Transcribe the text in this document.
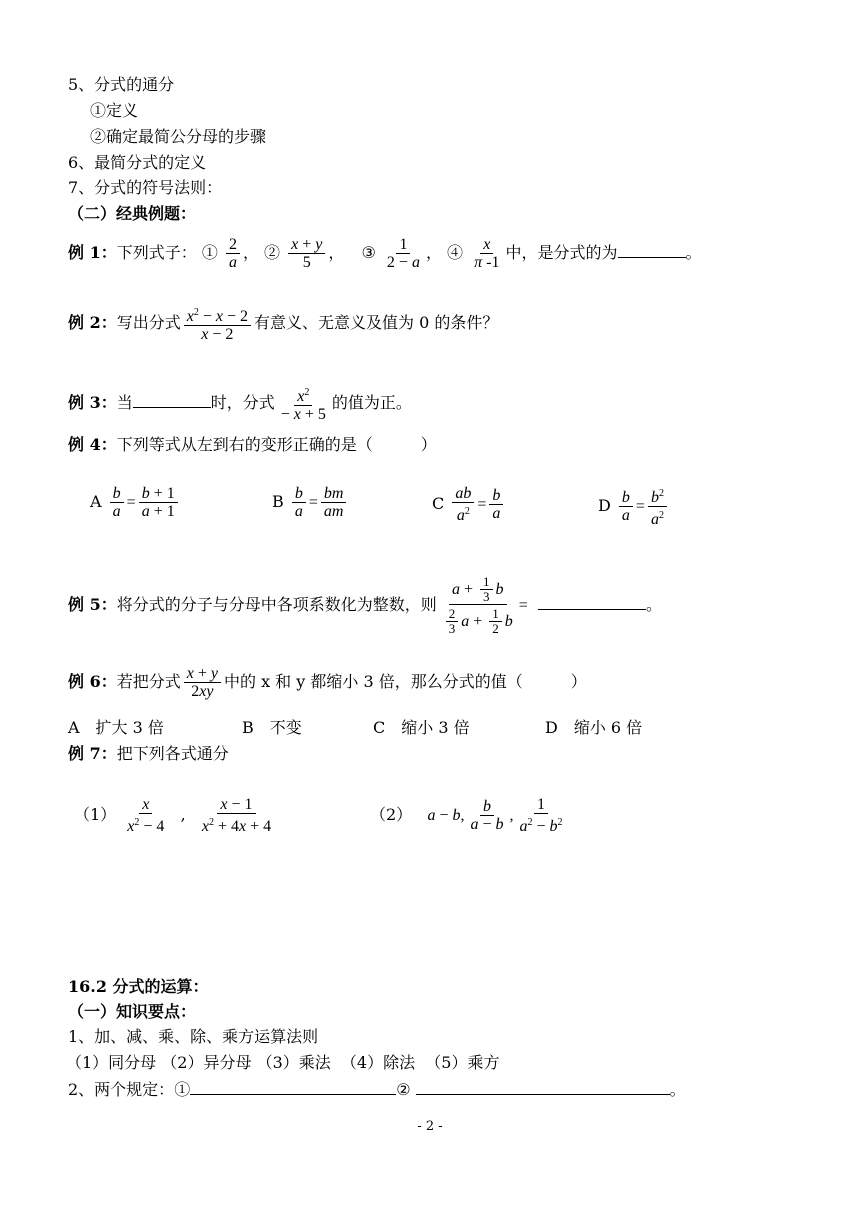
5、分式的通分
①定义
②确定最简公分母的步骤
6、最简分式的定义
7、分式的符号法则：
（二）经典例题：
例 1：下列式子： ① $\frac{2}{a}$ ， ② $\frac{x + y}{5}$ ， ③ $\frac{1}{2 - a}$ ， ④ $\frac{x}{\pi -1}$ 中，是分式的为	。
例 2：写出分式 $\frac{x^2 - x - 2}{x - 2}$ 有意义、无意义及值为 0 的条件？
例 3：当	时，分式 $\frac{x^2}{- x + 5}$ 的值为正。
例 4：下列等式从左到右的变形正确的是（　　　）
A $\frac{b}{a} = \frac{b + 1}{a + 1}$	B $\frac{b}{a} = \frac{bm}{am}$	C $\frac{ab}{a^2} = \frac{b}{a}$	D $\frac{b}{a} = \frac{b^2}{a^2}$
例 5：将分式的分子与分母中各项系数化为整数，则 $\frac{a + \frac{1}{3} b}{\frac{2}{3} a + \frac{1}{2} b}$ =	。
例 6：若把分式 $\frac{x + y}{2xy}$ 中的 x 和 y 都缩小 3 倍，那么分式的值（　　　）
A　扩大 3 倍	B　不变	C　缩小 3 倍	D　缩小 6 倍
例 7：把下列各式通分
$(1) \frac{x}{x^2 - 4}$ , $\frac{x - 1}{x^2 + 4x + 4}$	（2） a − b, $\frac{b}{a - b}$ , $\frac{1}{a^2 - b^2}$
16.2 分式的运算：
（一）知识要点：
1、加、减、乘、除、乘方运算法则
（1）同分母 （2）异分母 （3）乘法 （4）除法 （5）乘方
2、两个规定：①	②	。
- 2 -
